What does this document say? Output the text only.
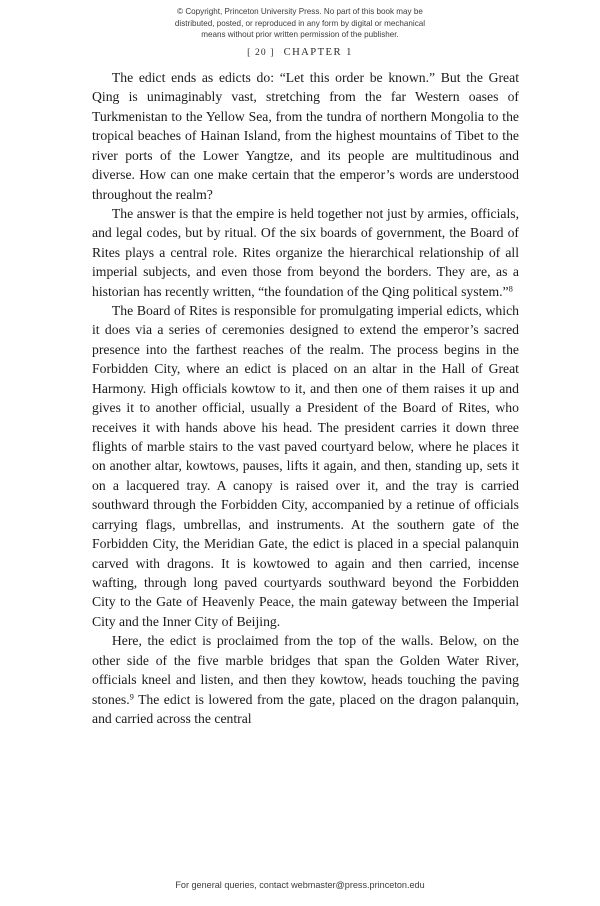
© Copyright, Princeton University Press. No part of this book may be
distributed, posted, or reproduced in any form by digital or mechanical
means without prior written permission of the publisher.
[ 20 ] CHAPTER 1

The edict ends as edicts do: “Let this order be known.” But the Great Qing is unimaginably vast, stretching from the far Western oases of Turkmenistan to the Yellow Sea, from the tundra of northern Mongolia to the tropical beaches of Hainan Island, from the highest mountains of Tibet to the river ports of the Lower Yangtze, and its people are multitudinous and diverse. How can one make certain that the emperor’s words are understood throughout the realm?

The answer is that the empire is held together not just by armies, officials, and legal codes, but by ritual. Of the six boards of government, the Board of Rites plays a central role. Rites organize the hierarchical relationship of all imperial subjects, and even those from beyond the borders. They are, as a historian has recently written, “the foundation of the Qing political system.”$^8$

The Board of Rites is responsible for promulgating imperial edicts, which it does via a series of ceremonies designed to extend the emperor’s sacred presence into the farthest reaches of the realm. The process begins in the Forbidden City, where an edict is placed on an altar in the Hall of Great Harmony. High officials kowtow to it, and then one of them raises it up and gives it to another official, usually a President of the Board of Rites, who receives it with hands above his head. The president carries it down three flights of marble stairs to the vast paved courtyard below, where he places it on another altar, kowtows, pauses, lifts it again, and then, standing up, sets it on a lacquered tray. A canopy is raised over it, and the tray is carried southward through the Forbidden City, accompanied by a retinue of officials carrying flags, umbrellas, and instruments. At the southern gate of the Forbidden City, the Meridian Gate, the edict is placed in a special palanquin carved with dragons. It is kowtowed to again and then carried, incense wafting, through long paved courtyards southward beyond the Forbidden City to the Gate of Heavenly Peace, the main gateway between the Imperial City and the Inner City of Beijing.

Here, the edict is proclaimed from the top of the walls. Below, on the other side of the five marble bridges that span the Golden Water River, officials kneel and listen, and then they kowtow, heads touching the paving stones.$^9$ The edict is lowered from the gate, placed on the dragon palanquin, and carried across the central

For general queries, contact webmaster@press.princeton.edu
